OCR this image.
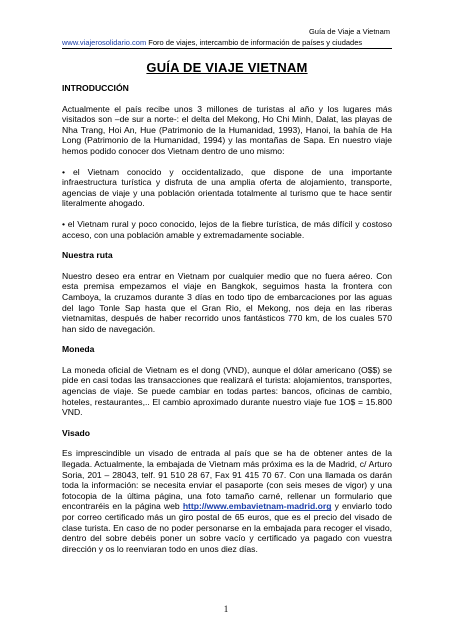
Guía de Viaje a Vietnam
www.viajerosolidario.com Foro de viajes, intercambio de información de países y ciudades
GUÍA DE VIAJE VIETNAM
INTRODUCCIÓN

Actualmente el país recibe unos 3 millones de turistas al año y los lugares más visitados son –de sur a norte-: el delta del Mekong, Ho Chi Minh, Dalat, las playas de Nha Trang, Hoi An, Hue (Patrimonio de la Humanidad, 1993), Hanoi, la bahía de Ha Long (Patrimonio de la Humanidad, 1994) y las montañas de Sapa. En nuestro viaje hemos podido conocer dos Vietnam dentro de uno mismo:

• el Vietnam conocido y occidentalizado, que dispone de una importante infraestructura turística y disfruta de una amplia oferta de alojamiento, transporte, agencias de viaje y una población orientada totalmente al turismo que te hace sentir literalmente ahogado.

• el Vietnam rural y poco conocido, lejos de la fiebre turística, de más difícil y costoso acceso, con una población amable y extremadamente sociable.

Nuestra ruta

Nuestro deseo era entrar en Vietnam por cualquier medio que no fuera aéreo. Con esta premisa empezamos el viaje en Bangkok, seguimos hasta la frontera con Camboya, la cruzamos durante 3 días en todo tipo de embarcaciones por las aguas del lago Tonle Sap hasta que el Gran Rio, el Mekong, nos deja en las riberas vietnamitas, después de haber recorrido unos fantásticos 770 km, de los cuales 570 han sido de navegación.

Moneda

La moneda oficial de Vietnam es el dong (VND), aunque el dólar americano (O$$) se pide en casi todas las transacciones que realizará el turista: alojamientos, transportes, agencias de viaje. Se puede cambiar en todas partes: bancos, oficinas de cambio, hoteles, restaurantes,.. El cambio aproximado durante nuestro viaje fue 1O$ = 15.800 VND.

Visado

Es imprescindible un visado de entrada al país que se ha de obtener antes de la llegada. Actualmente, la embajada de Vietnam más próxima es la de Madrid, c/ Arturo Soria, 201 – 28043, telf. 91 510 28 67, Fax 91 415 70 67. Con una llamada os darán toda la información: se necesita enviar el pasaporte (con seis meses de vigor) y una fotocopia de la última página, una foto tamaño carné, rellenar un formulario que encontraréis en la página web http://www.embavietnam-madrid.org y enviarlo todo por correo certificado más un giro postal de 65 euros, que es el precio del visado de clase turista. En caso de no poder personarse en la embajada para recoger el visado, dentro del sobre debéis poner un sobre vacío y certificado ya pagado con vuestra dirección y os lo reenviaran todo en unos diez días.

1
